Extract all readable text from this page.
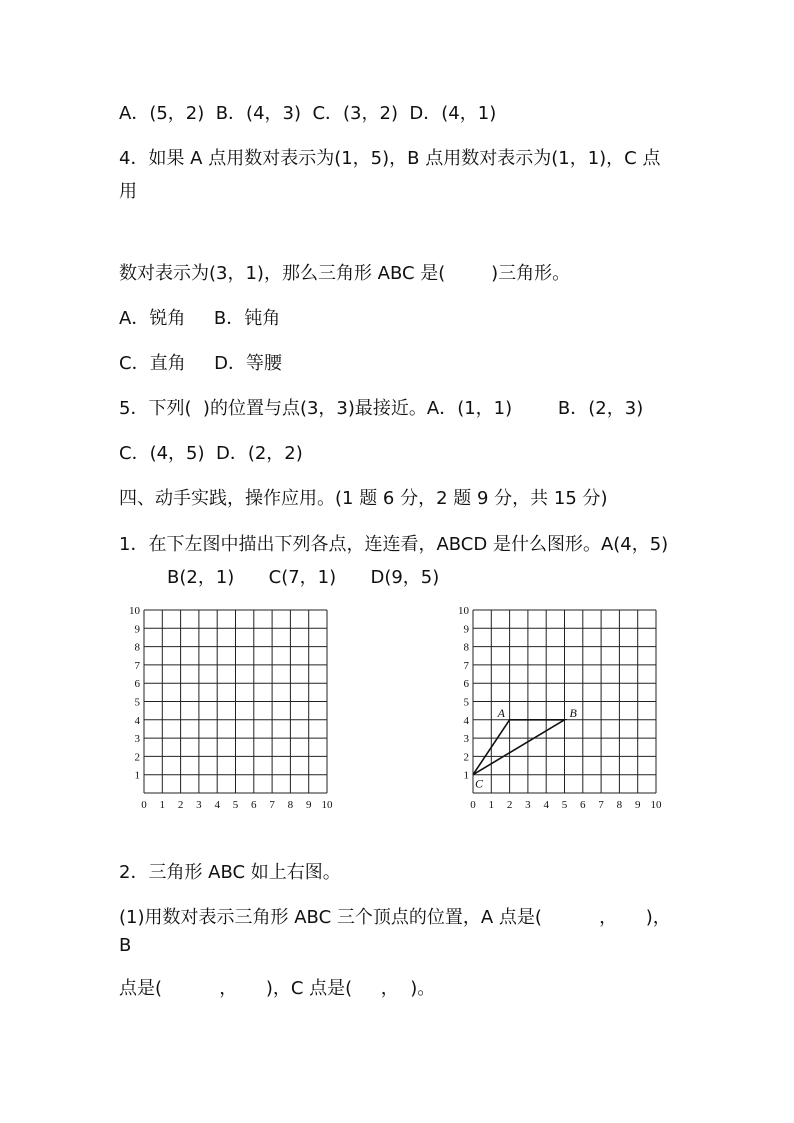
A．(5，2)  B．(4，3)  C．(3，2)  D．(4，1)
4．如果 A 点用数对表示为(1，5)，B 点用数对表示为(1，1)，C 点
用
数对表示为(3，1)，那么三角形 ABC 是(        )三角形。
A．锐角     B．钝角
C．直角     D．等腰
5．下列(  )的位置与点(3，3)最接近。A．(1，1)        B．(2，3)
C．(4，5)  D．(2，2)
四、动手实践，操作应用。(1 题 6 分，2 题 9 分，共 15 分)
1．在下左图中描出下列各点，连连看，ABCD 是什么图形。A(4，5)
B(2，1)      C(7，1)      D(9，5)
0 1 2 3 4 5 6 7 8 9 10
1
2
3
4
5
6
7
8
9
10
0 1 2 3 4 5 6 7 8 9 10
1
2
3
4
5
6
7
8
9
10
A	B
C
2．三角形 ABC 如上右图。
(1)用数对表示三角形 ABC 三个顶点的位置，A 点是(          ，     )，
B
点是(          ，     )，C 点是(     ，  )。
